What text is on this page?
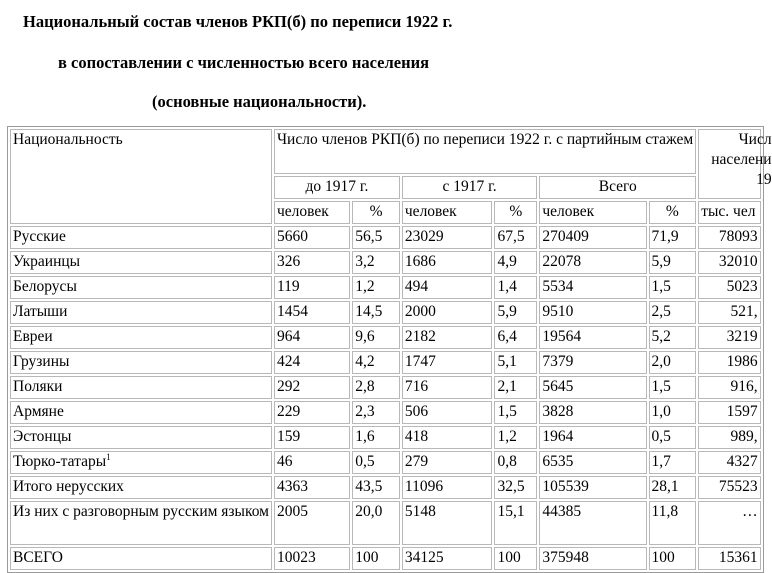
Национальный состав членов РКП(б) по переписи 1922 г.
в сопоставлении с численностью всего населения
(основные национальности).
Национальность	Число членов РКП(б) по переписи 1922 г. с партийным стажем						Числ населени 19

	до 1917 г.		с 1917 г.		Всего		
	человек	%	человек	%	человек	%	тыс. чел
Русские	5660	56,5	23029	67,5	270409	71,9	78093
Украинцы	326	3,2	1686	4,9	22078	5,9	32010
Белорусы	119	1,2	494	1,4	5534	1,5	5023
Латыши	1454	14,5	2000	5,9	9510	2,5	521,
Евреи	964	9,6	2182	6,4	19564	5,2	3219
Грузины	424	4,2	1747	5,1	7379	2,0	1986
Поляки	292	2,8	716	2,1	5645	1,5	916,
Армяне	229	2,3	506	1,5	3828	1,0	1597
Эстонцы	159	1,6	418	1,2	1964	0,5	989,
Тюрко-татары$^1$	46	0,5	279	0,8	6535	1,7	4327
Итого нерусских	4363	43,5	11096	32,5	105539	28,1	75523
Из них с разговорным русским языком	2005	20,0	5148	15,1	44385	11,8	…
ВСЕГО	10023	100	34125	100	375948	100	15361
